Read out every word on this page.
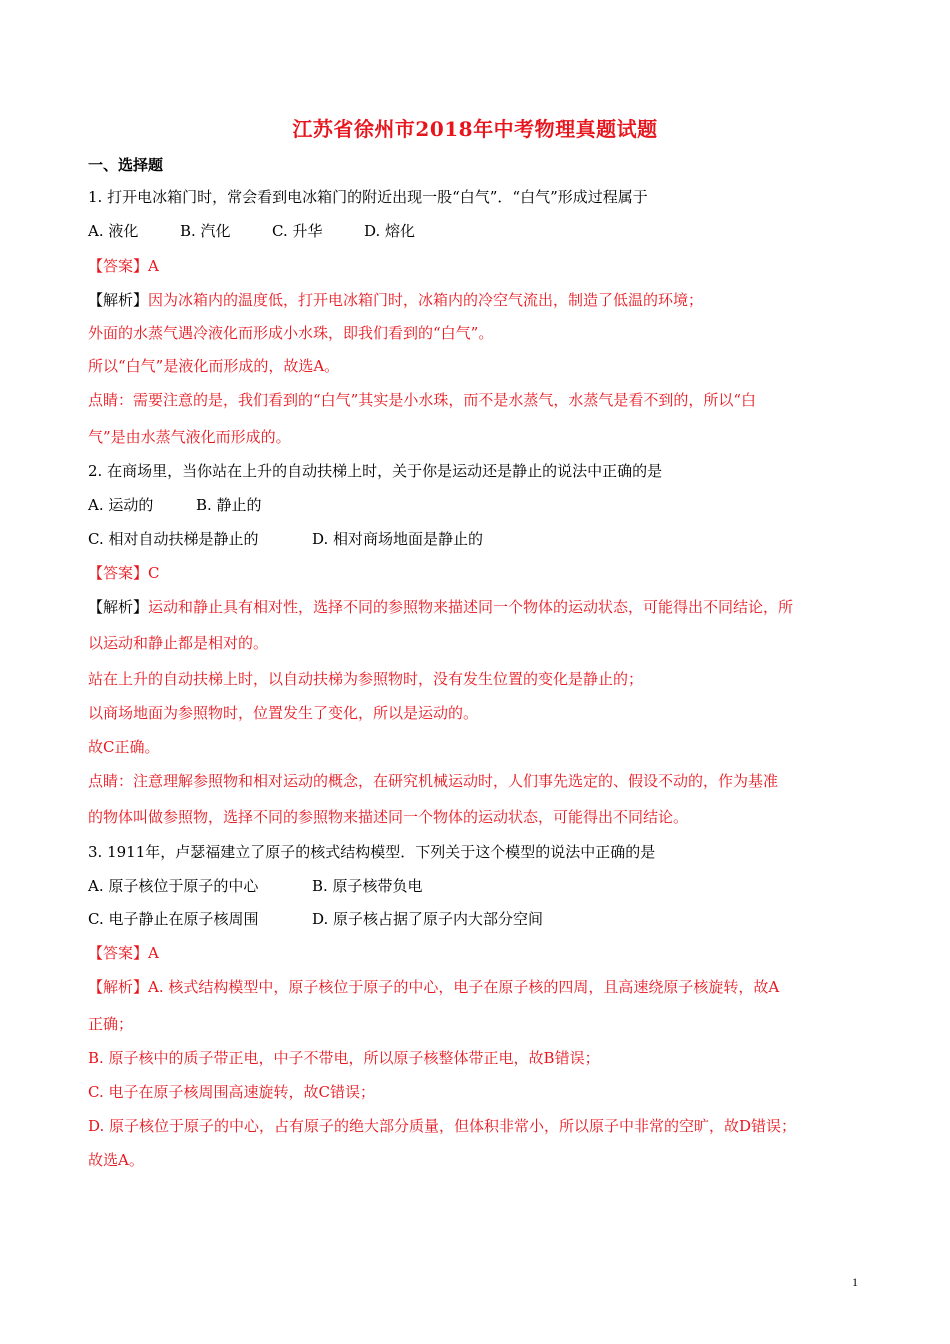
江苏省徐州市2018年中考物理真题试题
一、选择题
1. 打开电冰箱门时，常会看到电冰箱门的附近出现一股“白气”．“白气”形成过程属于
A. 液化	B. 汽化	C. 升华	D. 熔化
【答案】A
【解析】因为冰箱内的温度低，打开电冰箱门时，冰箱内的冷空气流出，制造了低温的环境；
外面的水蒸气遇冷液化而形成小水珠，即我们看到的“白气”。
所以“白气”是液化而形成的，故选A。
点睛：需要注意的是，我们看到的“白气”其实是小水珠，而不是水蒸气，水蒸气是看不到的，所以“白
气”是由水蒸气液化而形成的。
2. 在商场里，当你站在上升的自动扶梯上时，关于你是运动还是静止的说法中正确的是
A. 运动的	B. 静止的
C. 相对自动扶梯是静止的	D. 相对商场地面是静止的
【答案】C
【解析】运动和静止具有相对性，选择不同的参照物来描述同一个物体的运动状态，可能得出不同结论，所
以运动和静止都是相对的。
站在上升的自动扶梯上时，以自动扶梯为参照物时，没有发生位置的变化是静止的；
以商场地面为参照物时，位置发生了变化，所以是运动的。
故C正确。
点睛：注意理解参照物和相对运动的概念，在研究机械运动时，人们事先选定的、假设不动的，作为基准
的物体叫做参照物，选择不同的参照物来描述同一个物体的运动状态，可能得出不同结论。
3. 1911年，卢瑟福建立了原子的核式结构模型．下列关于这个模型的说法中正确的是
A. 原子核位于原子的中心	B. 原子核带负电
C. 电子静止在原子核周围	D. 原子核占据了原子内大部分空间
【答案】A
【解析】A. 核式结构模型中，原子核位于原子的中心，电子在原子核的四周，且高速绕原子核旋转，故A
正确；
B. 原子核中的质子带正电，中子不带电，所以原子核整体带正电，故B错误；
C. 电子在原子核周围高速旋转，故C错误；
D. 原子核位于原子的中心，占有原子的绝大部分质量，但体积非常小，所以原子中非常的空旷，故D错误；
故选A。
1
